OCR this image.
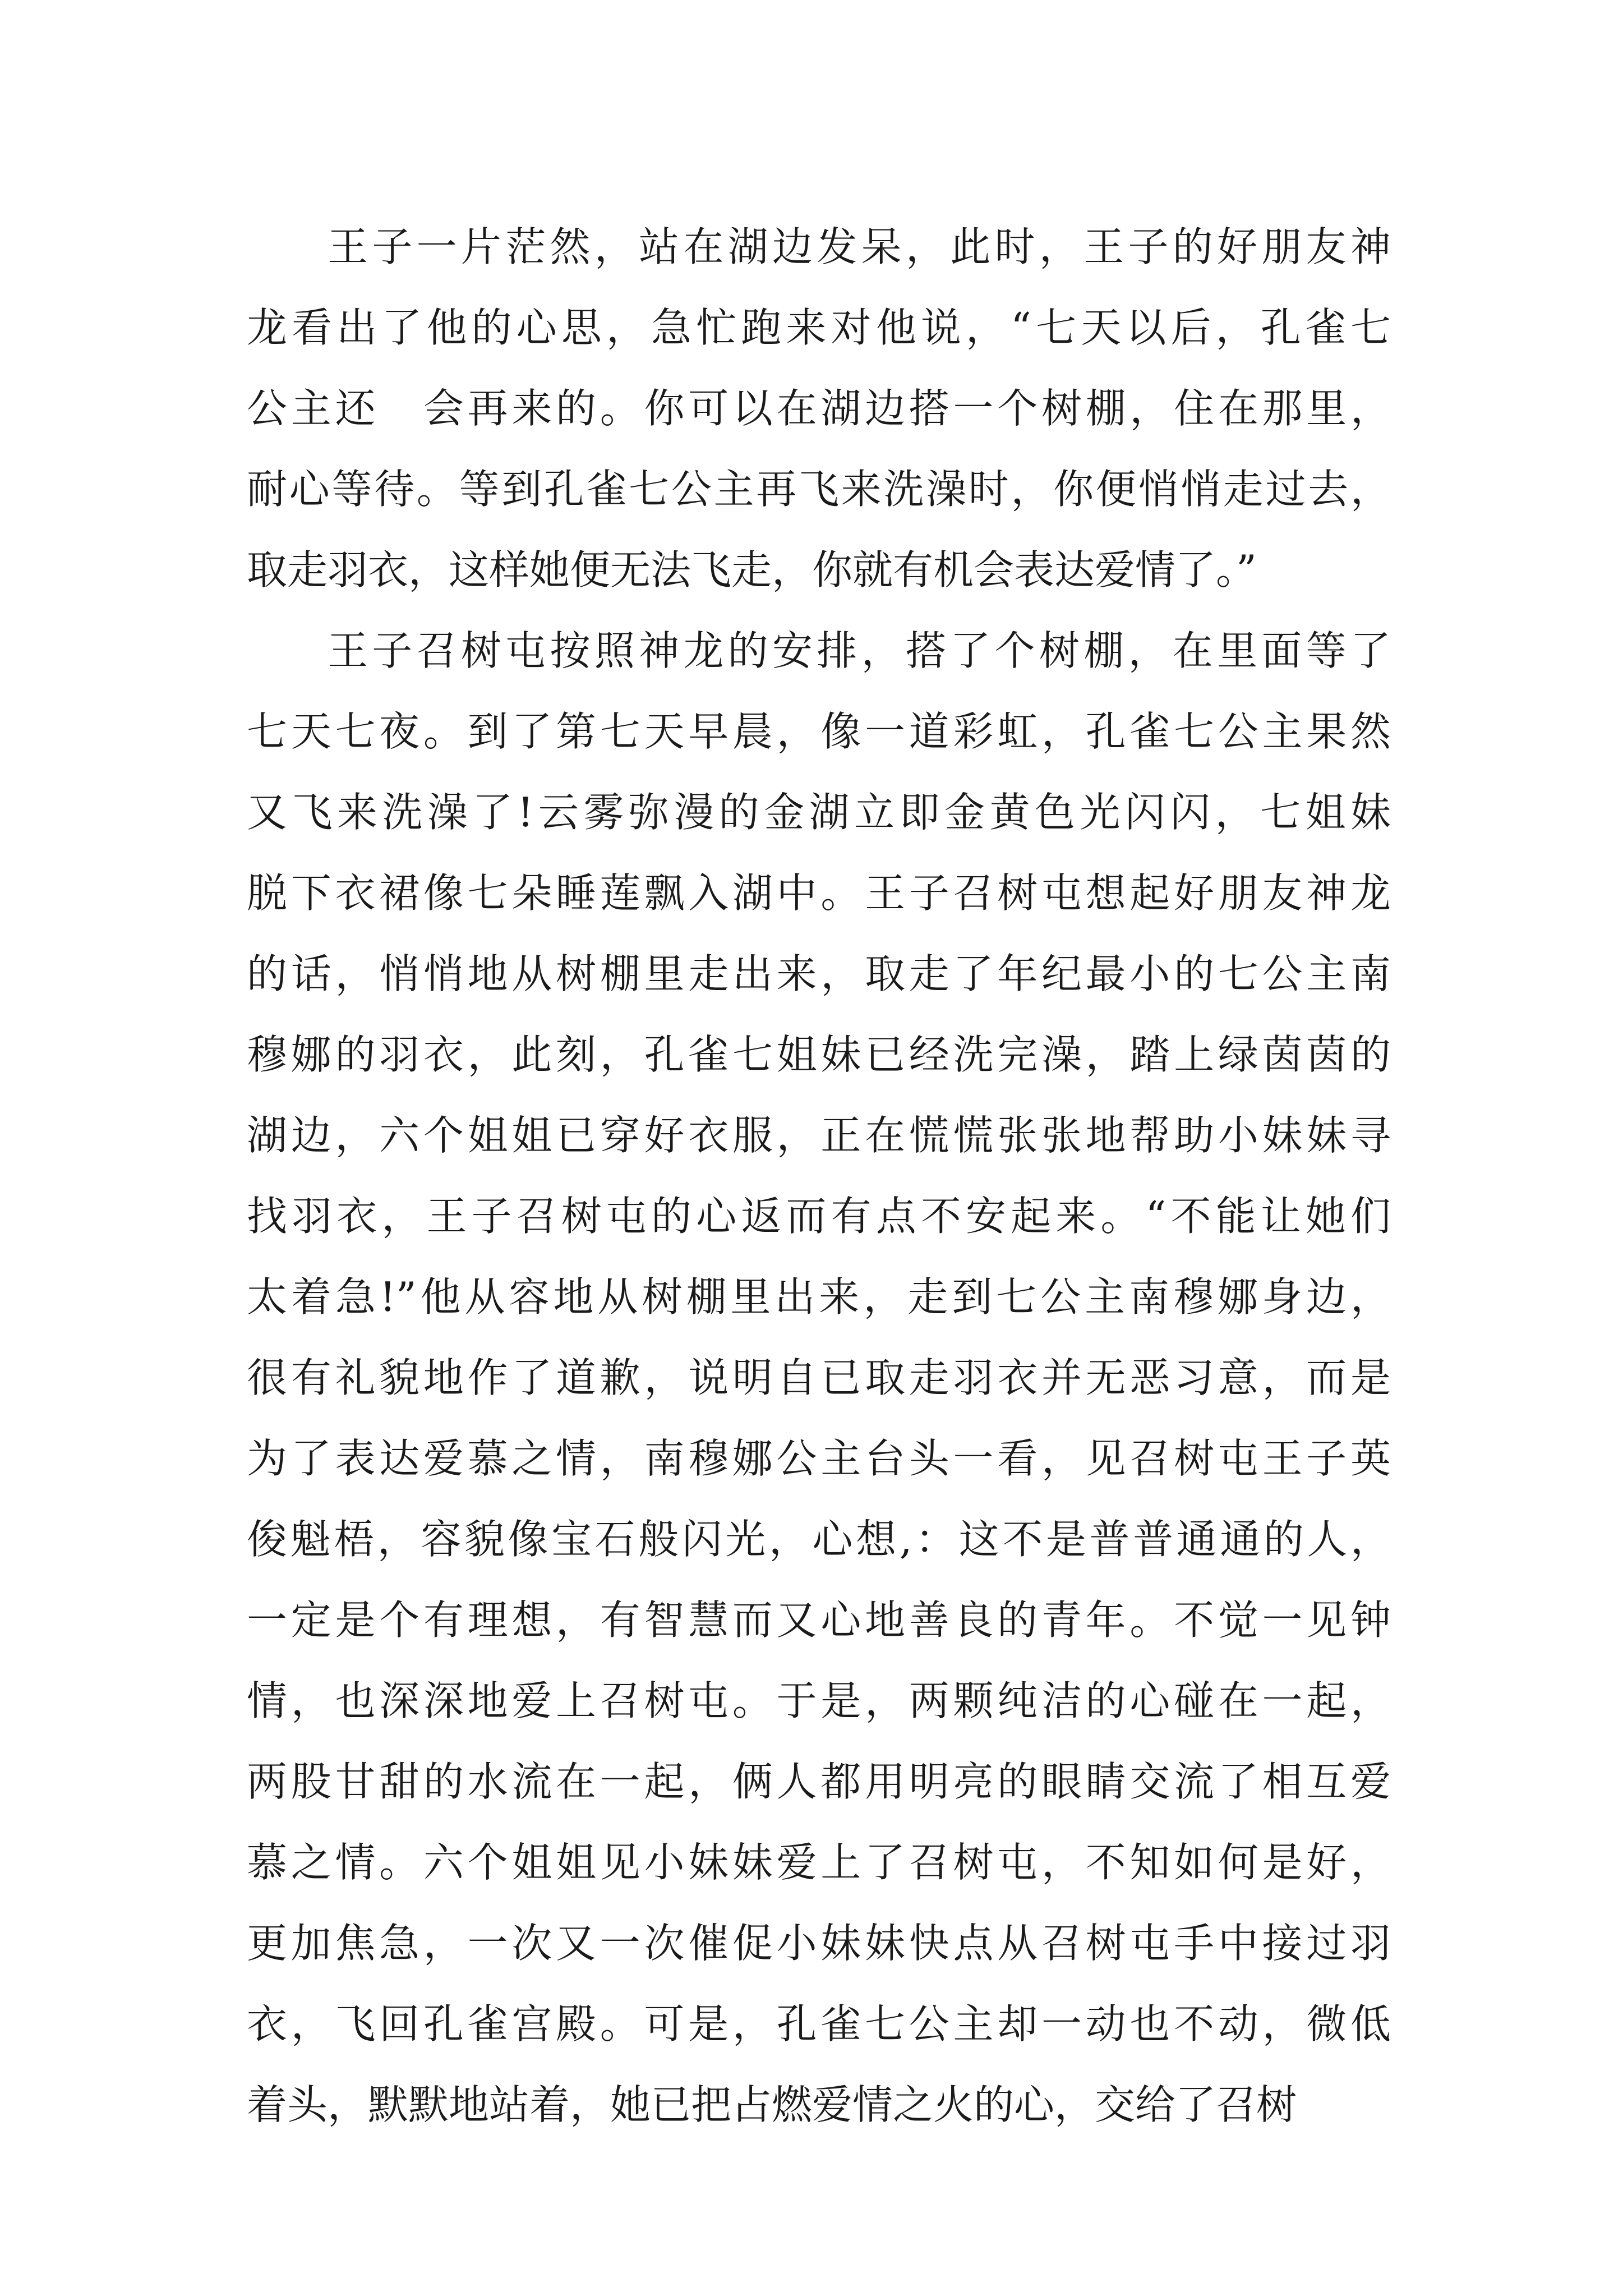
王子一片茫然，站在湖边发呆，此时，王子的好朋友神
龙看出了他的心思，急忙跑来对他说，“七天以后，孔雀七
公主还　会再来的。你可以在湖边搭一个树棚，住在那里，
耐心等待。等到孔雀七公主再飞来洗澡时，你便悄悄走过去，
取走羽衣，这样她便无法飞走，你就有机会表达爱情了。”
王子召树屯按照神龙的安排，搭了个树棚，在里面等了
七天七夜。到了第七天早晨，像一道彩虹，孔雀七公主果然
又飞来洗澡了!云雾弥漫的金湖立即金黄色光闪闪，七姐妹
脱下衣裙像七朵睡莲飘入湖中。王子召树屯想起好朋友神龙
的话，悄悄地从树棚里走出来，取走了年纪最小的七公主南
穆娜的羽衣，此刻，孔雀七姐妹已经洗完澡，踏上绿茵茵的
湖边，六个姐姐已穿好衣服，正在慌慌张张地帮助小妹妹寻
找羽衣，王子召树屯的心返而有点不安起来。“不能让她们
太着急!”他从容地从树棚里出来，走到七公主南穆娜身边，
很有礼貌地作了道歉，说明自已取走羽衣并无恶习意，而是
为了表达爱慕之情，南穆娜公主台头一看，见召树屯王子英
俊魁梧，容貌像宝石般闪光，心想,：这不是普普通通的人，
一定是个有理想，有智慧而又心地善良的青年。不觉一见钟
情，也深深地爱上召树屯。于是，两颗纯洁的心碰在一起，
两股甘甜的水流在一起，俩人都用明亮的眼睛交流了相互爱
慕之情。六个姐姐见小妹妹爱上了召树屯，不知如何是好，
更加焦急，一次又一次催促小妹妹快点从召树屯手中接过羽
衣，飞回孔雀宫殿。可是，孔雀七公主却一动也不动，微低
着头，默默地站着，她已把占燃爱情之火的心，交给了召树
